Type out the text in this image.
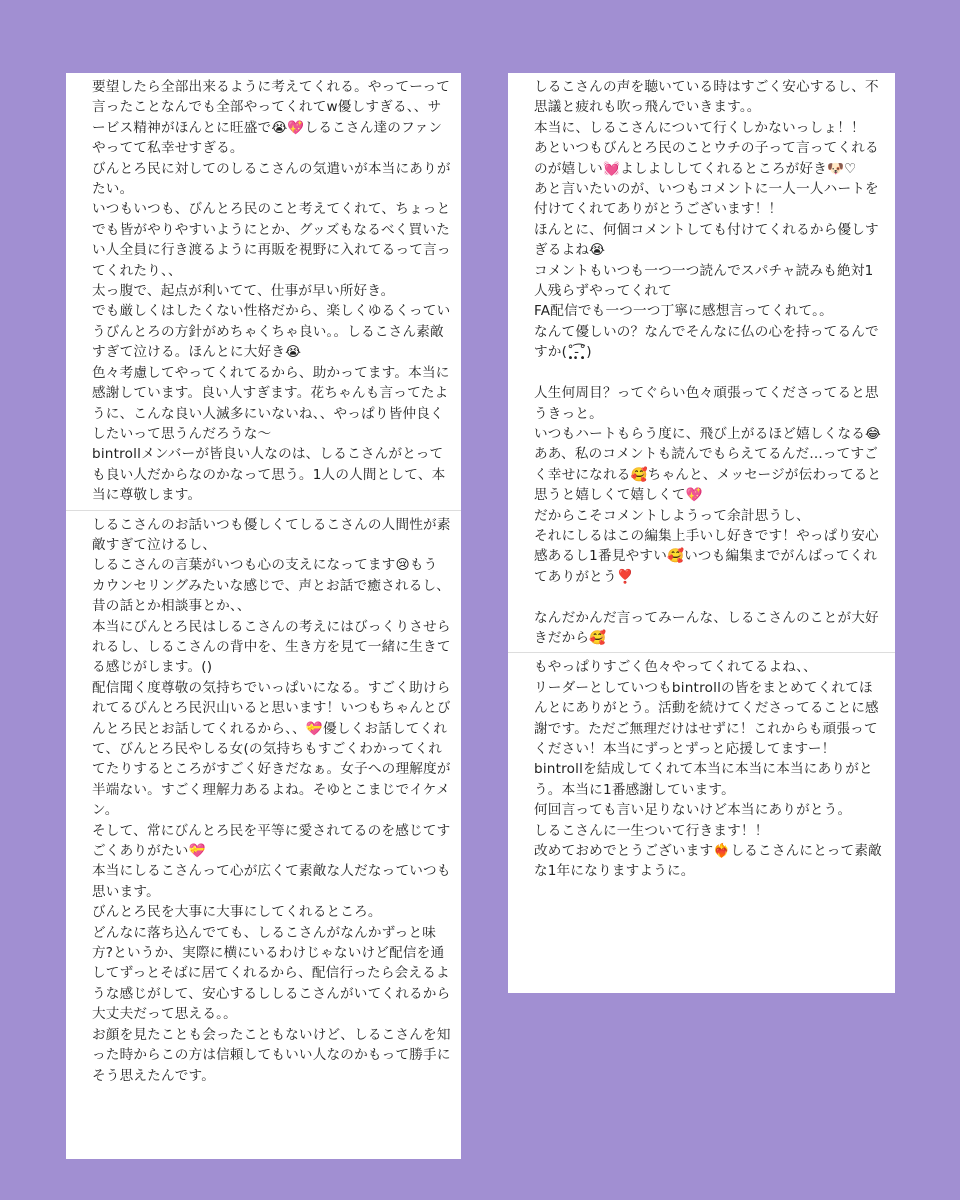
要望したら全部出来るように考えてくれる。やってーって言ったことなんでも全部やってくれてw優しすぎる、、サービス精神がほんとに旺盛で😭💖しるこさん達のファンやってて私幸せすぎる。
びんとろ民に対してのしるこさんの気遣いが本当にありがたい。
いつもいつも、びんとろ民のこと考えてくれて、ちょっとでも皆がやりやすいようにとか、グッズもなるべく買いたい人全員に行き渡るように再販を視野に入れてるって言ってくれたり、、
太っ腹で、起点が利いてて、仕事が早い所好き。
でも厳しくはしたくない性格だから、楽しくゆるくっていうびんとろの方針がめちゃくちゃ良い。。しるこさん素敵すぎて泣ける。ほんとに大好き😭
色々考慮してやってくれてるから、助かってます。本当に感謝しています。良い人すぎます。花ちゃんも言ってたように、こんな良い人滅多にいないね、、やっぱり皆仲良くしたいって思うんだろうな〜
bintrollメンバーが皆良い人なのは、しるこさんがとっても良い人だからなのかなって思う。1人の人間として、本当に尊敬します。

しるこさんのお話いつも優しくてしるこさんの人間性が素敵すぎて泣けるし、
しるこさんの言葉がいつも心の支えになってます😢もうカウンセリングみたいな感じで、声とお話で癒されるし、昔の話とか相談事とか、、
本当にびんとろ民はしるこさんの考えにはびっくりさせられるし、しるこさんの背中を、生き方を見て一緒に生きてる感じがします。()
配信聞く度尊敬の気持ちでいっぱいになる。すごく助けられてるびんとろ民沢山いると思います！いつもちゃんとびんとろ民とお話してくれるから、、💝優しくお話してくれて、びんとろ民やしる女(の気持ちもすごくわかってくれてたりするところがすごく好きだなぁ。女子への理解度が半端ない。すごく理解力あるよね。そゆとこまじでイケメン。
そして、常にびんとろ民を平等に愛されてるのを感じてすごくありがたい💝
本当にしるこさんって心が広くて素敵な人だなっていつも思います。
びんとろ民を大事に大事にしてくれるところ。
どんなに落ち込んでても、しるこさんがなんかずっと味方?というか、実際に横にいるわけじゃないけど配信を通してずっとそばに居てくれるから、配信行ったら会えるような感じがして、安心するししるこさんがいてくれるから大丈夫だって思える。。
お顔を見たことも会ったこともないけど、しるこさんを知った時からこの方は信頼してもいい人なのかもって勝手にそう思えたんです。

しるこさんの声を聴いている時はすごく安心するし、不思議と疲れも吹っ飛んでいきます。。
本当に、しるこさんについて行くしかないっしょ！！
あといつもびんとろ民のことウチの子って言ってくれるのが嬉しい💓よしよししてくれるところが好き🐶♡
あと言いたいのが、いつもコメントに一人一人ハートを付けてくれてありがとうございます！！
ほんとに、何個コメントしても付けてくれるから優しすぎるよね😭
コメントもいつも一つ一つ読んでスパチャ読みも絶対1人残らずやってくれて
FA配信でも一つ一つ丁寧に感想言ってくれて。。
なんて優しいの？なんでそんなに仏の心を持ってるんですか(˚̩̥̩̥-̩̩̥͡˚̩̥̩̥)

人生何周目？ってぐらい色々頑張ってくださってると思うきっと。
いつもハートもらう度に、飛び上がるほど嬉しくなる😂ああ、私のコメントも読んでもらえてるんだ...ってすごく幸せになれる🥰ちゃんと、メッセージが伝わってると思うと嬉しくて嬉しくて💖
だからこそコメントしようって余計思うし、
それにしるはこの編集上手いし好きです！やっぱり安心感あるし1番見やすい🥰いつも編集までがんばってくれてありがとう❣️

なんだかんだ言ってみーんな、しるこさんのことが大好きだから🥰

もやっぱりすごく色々やってくれてるよね、、
リーダーとしていつもbintrollの皆をまとめてくれてほんとにありがとう。活動を続けてくださってることに感謝です。ただご無理だけはせずに！これからも頑張ってください！本当にずっとずっと応援してますー！
bintrollを結成してくれて本当に本当に本当にありがとう。本当に1番感謝しています。
何回言っても言い足りないけど本当にありがとう。
しるこさんに一生ついて行きます！！
改めておめでとうございます❤️‍🔥しるこさんにとって素敵な1年になりますように。
